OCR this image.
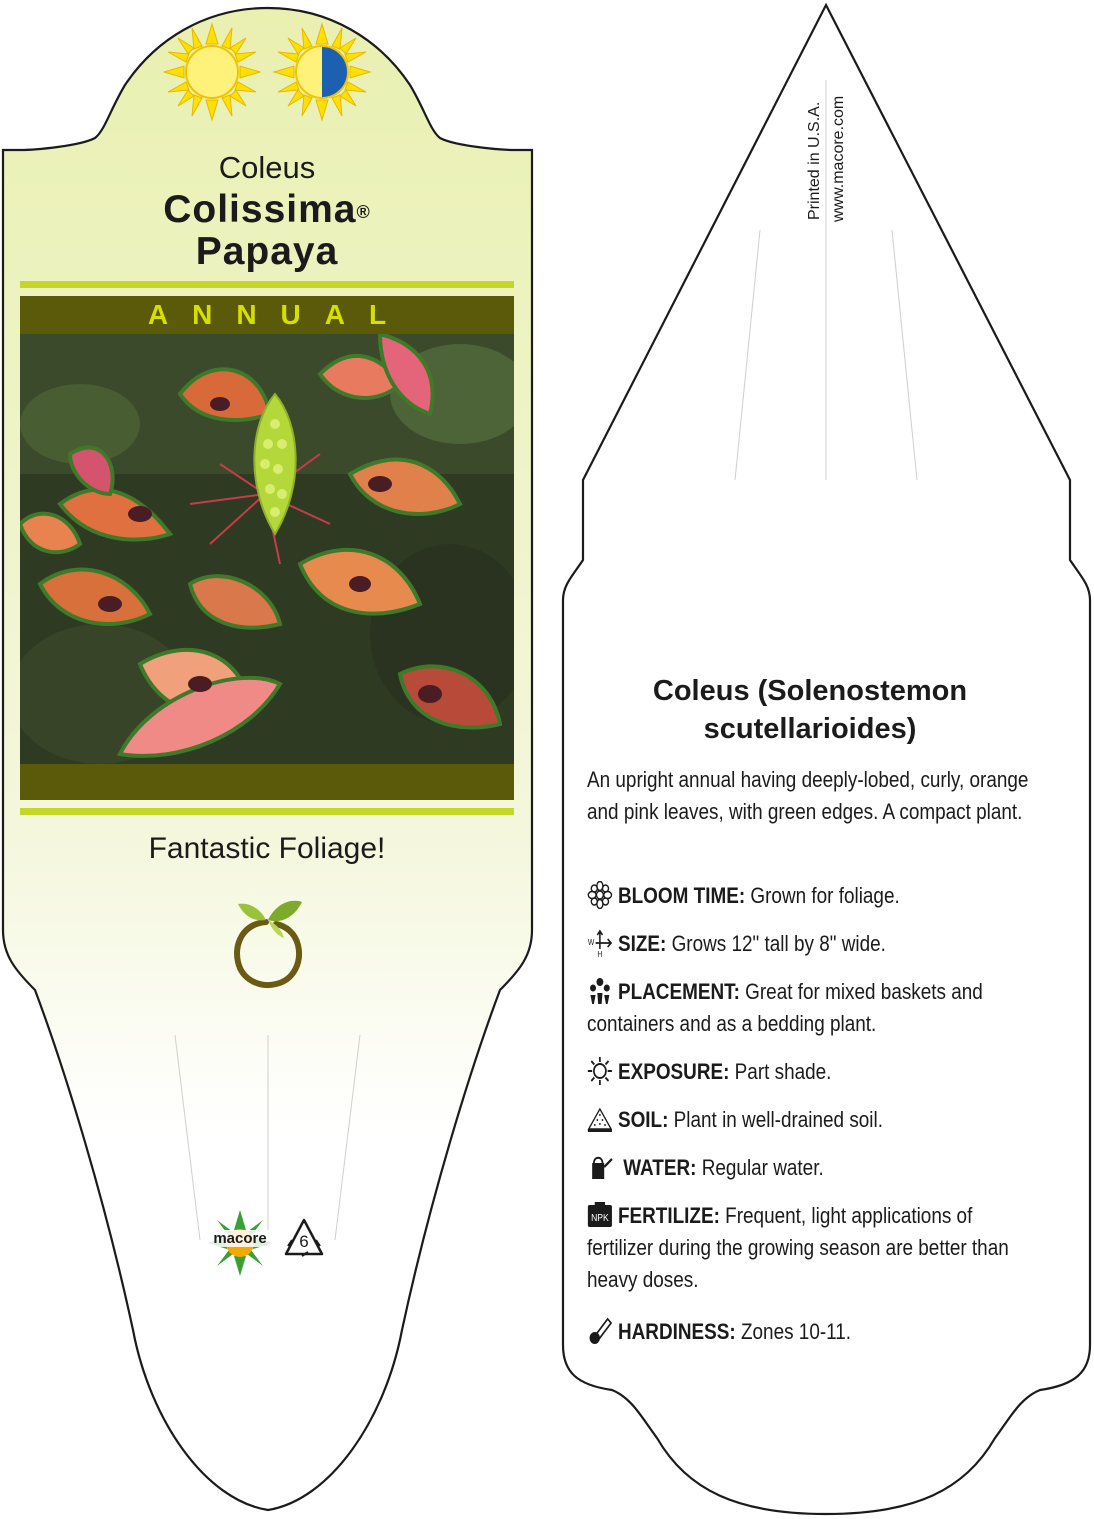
Coleus
Colissima®
Papaya
ANNUAL
Fantastic Foliage!
macore	6
Printed in U.S.A. www.macore.com
Coleus (Solenostemon
scutellarioides)
An upright annual having deeply-lobed, curly, orange and pink leaves, with green edges. A compact plant.
BLOOM TIME: Grown for foliage.
W
H SIZE: Grows 12" tall by 8" wide.
PLACEMENT: Great for mixed baskets and containers and as a bedding plant.
EXPOSURE: Part shade.
SOIL: Plant in well-drained soil.
WATER: Regular water.
NPK FERTILIZE: Frequent, light applications of fertilizer during the growing season are better than heavy doses.
HARDINESS: Zones 10-11.
